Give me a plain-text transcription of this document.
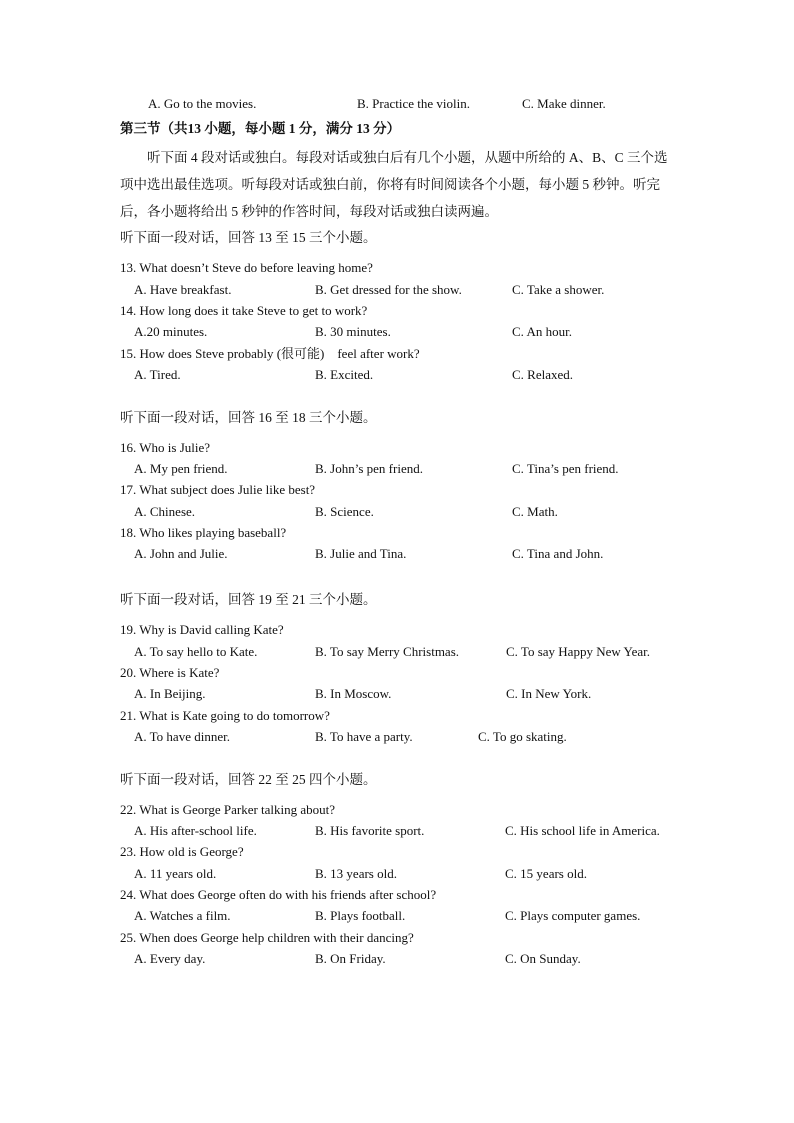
A. Go to the movies.	B. Practice the violin.	C. Make dinner.
第三节（共13 小题，每小题 1 分，满分 13 分）
听下面 4 段对话或独白。每段对话或独白后有几个小题，从题中所给的 A、B、C 三个选项中选出最佳选项。听每段对话或独白前，你将有时间阅读各个小题，每小题 5 秒钟。听完后，各小题将给出 5 秒钟的作答时间，每段对话或独白读两遍。
听下面一段对话，回答 13 至 15 三个小题。
13. What doesn’t Steve do before leaving home?
A. Have breakfast.	B. Get dressed for the show.	C. Take a shower.
14. How long does it take Steve to get to work?
A.20 minutes.	B. 30 minutes.	C. An hour.
15. How does Steve probably (很可能)　feel after work?
A. Tired.	B. Excited.	C. Relaxed.
听下面一段对话，回答 16 至 18 三个小题。
16. Who is Julie?
A. My pen friend.	B. John’s pen friend.	C. Tina’s pen friend.
17. What subject does Julie like best?
A. Chinese.	B. Science.	C. Math.
18. Who likes playing baseball?
A. John and Julie.	B. Julie and Tina.	C. Tina and John.
听下面一段对话，回答 19 至 21 三个小题。
19. Why is David calling Kate?
A. To say hello to Kate.	B. To say Merry Christmas.	C. To say Happy New Year.
20. Where is Kate?
A. In Beijing.	B. In Moscow.	C. In New York.
21. What is Kate going to do tomorrow?
A. To have dinner.	B. To have a party.	C. To go skating.
听下面一段对话，回答 22 至 25 四个小题。
22. What is George Parker talking about?
A. His after-school life.	B. His favorite sport.	C. His school life in America.
23. How old is George?
A. 11 years old.	B. 13 years old.	C. 15 years old.
24. What does George often do with his friends after school?
A. Watches a film.	B. Plays football.	C. Plays computer games.
25. When does George help children with their dancing?
A. Every day.	B. On Friday.	C. On Sunday.
